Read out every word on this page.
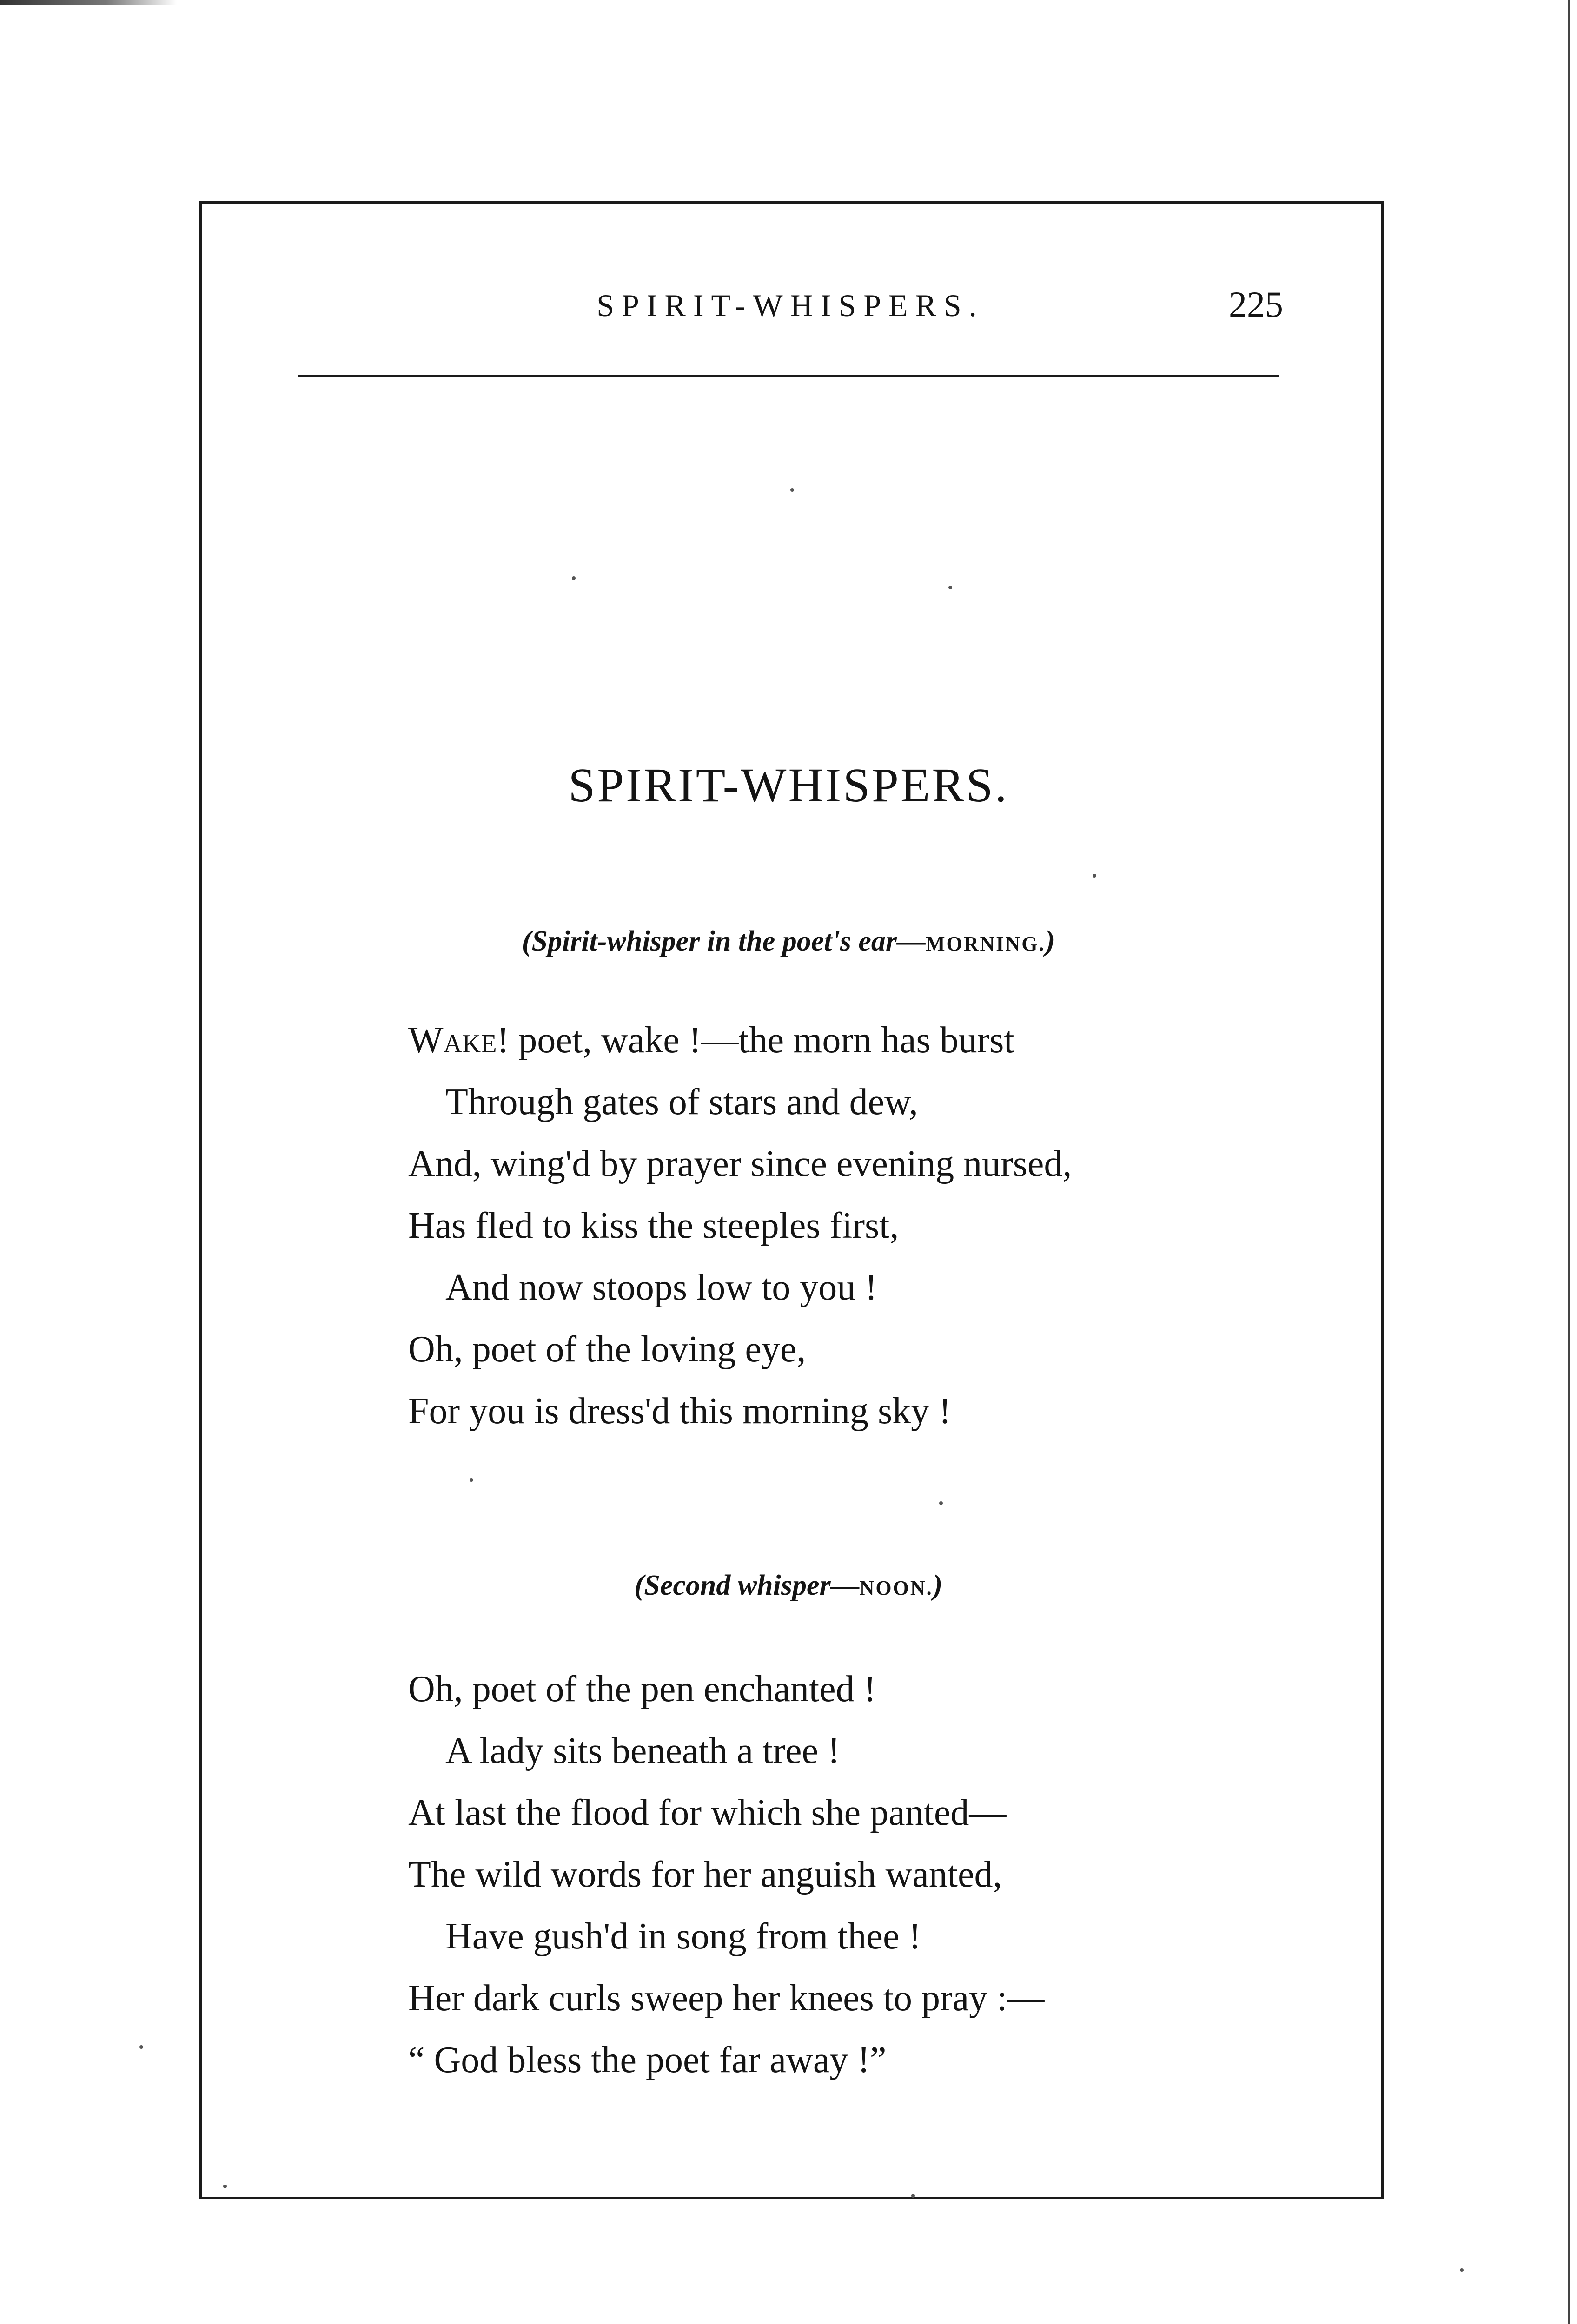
SPIRIT-WHISPERS.	225
SPIRIT-WHISPERS.
(Spirit-whisper in the poet's ear—MORNING.)
Wake! poet, wake !—the morn has burst
Through gates of stars and dew,
And, wing'd by prayer since evening nursed,
Has fled to kiss the steeples first,
And now stoops low to you !
Oh, poet of the loving eye,
For you is dress'd this morning sky !
(Second whisper—NOON.)
Oh, poet of the pen enchanted !
A lady sits beneath a tree !
At last the flood for which she panted—
The wild words for her anguish wanted,
Have gush'd in song from thee !
Her dark curls sweep her knees to pray :—
“ God bless the poet far away !”
